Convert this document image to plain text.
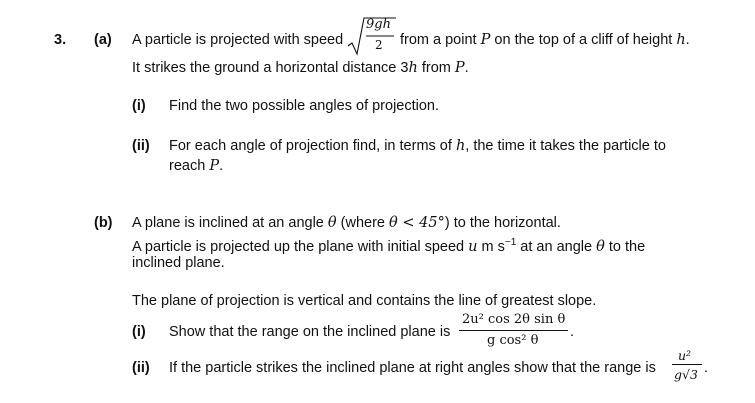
3. (a) A particle is projected with speed
9gh
2 from a point P on the top of a cliff of height h.
It strikes the ground a horizontal distance 3h from P.
(i) Find the two possible angles of projection.
(ii) For each angle of projection find, in terms of h, the time it takes the particle to
reach P.
(b) A plane is inclined at an angle θ (where θ < 45°) to the horizontal.
A particle is projected up the plane with initial speed u m $s^{-1}$ at an angle θ to the
inclined plane.
The plane of projection is vertical and contains the line of greatest slope.
(i) Show that the range on the inclined plane is
2u² cos 2θ sin θ
g cos² θ
.
(ii) If the particle strikes the inclined plane at right angles show that the range is
u²
g√3 .
